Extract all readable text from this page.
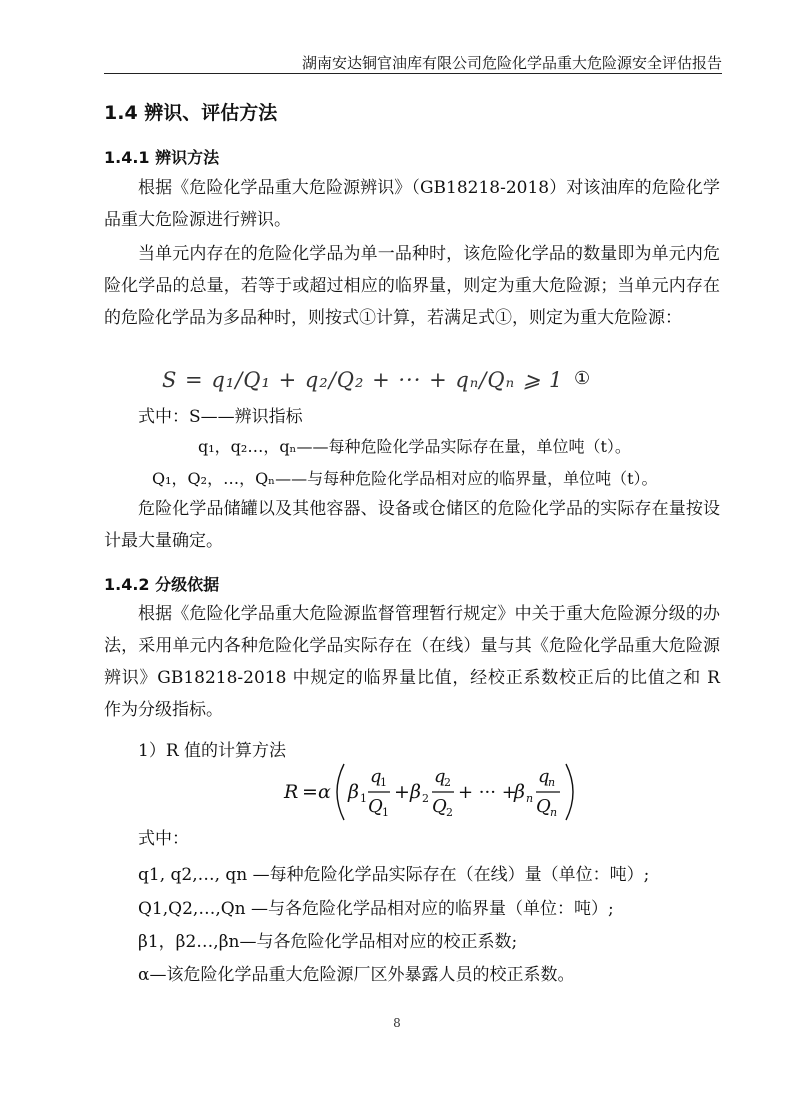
湖南安达铜官油库有限公司危险化学品重大危险源安全评估报告
1.4 辨识、评估方法
1.4.1 辨识方法
根据《危险化学品重大危险源辨识》（GB18218-2018）对该油库的危险化学品重大危险源进行辨识。
当单元内存在的危险化学品为单一品种时，该危险化学品的数量即为单元内危险化学品的总量，若等于或超过相应的临界量，则定为重大危险源；当单元内存在的危险化学品为多品种时，则按式①计算，若满足式①，则定为重大危险源：
S = q₁/Q₁ + q₂/Q₂ + ··· + qₙ/Qₙ ⩾ 1 ①
式中：S——辨识指标
q₁，q₂…，qₙ——每种危险化学品实际存在量，单位吨（t）。
Q₁，Q₂，…，Qₙ——与每种危险化学品相对应的临界量，单位吨（t）。
危险化学品储罐以及其他容器、设备或仓储区的危险化学品的实际存在量按设计最大量确定。
1.4.2 分级依据
根据《危险化学品重大危险源监督管理暂行规定》中关于重大危险源分级的办法，采用单元内各种危险化学品实际存在（在线）量与其《危险化学品重大危险源辨识》GB18218-2018 中规定的临界量比值，经校正系数校正后的比值之和 R 作为分级指标。
1）R 值的计算方法
R = α β 1
q
1
Q 1
+ β 2
q
2
Q 2
+ ··· +
β n
q
n
Q n
式中：
q1, q2,…, qn —每种危险化学品实际存在（在线）量（单位：吨）;
Q1,Q2,…,Qn —与各危险化学品相对应的临界量（单位：吨）;
β1，β2…,βn—与各危险化学品相对应的校正系数;
α—该危险化学品重大危险源厂区外暴露人员的校正系数。
8
